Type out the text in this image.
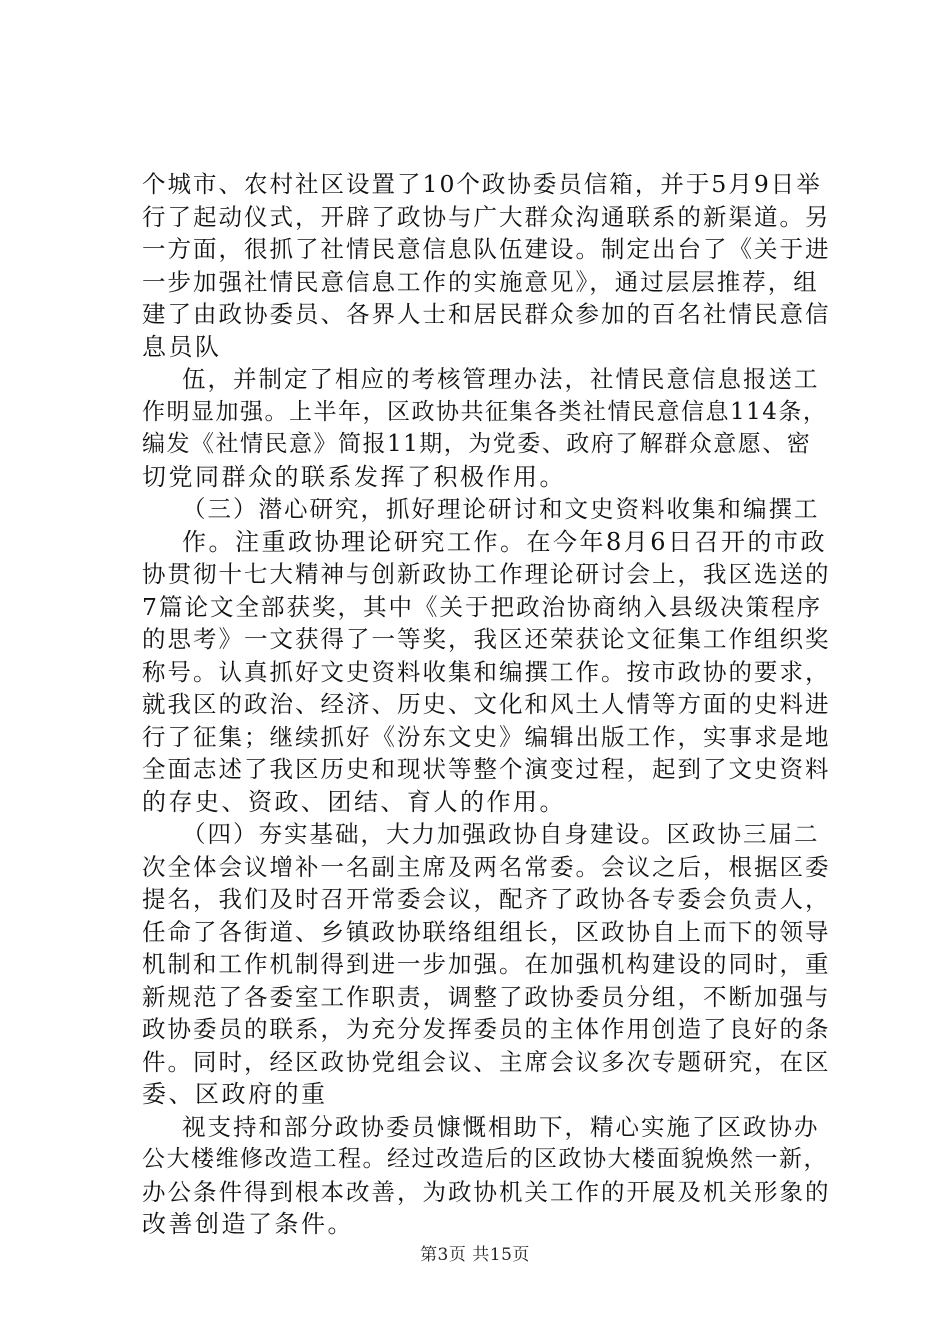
个城市、农村社区设置了10个政协委员信箱，并于5月9日举
行了起动仪式，开辟了政协与广大群众沟通联系的新渠道。另
一方面，很抓了社情民意信息队伍建设。制定出台了《关于进
一步加强社情民意信息工作的实施意见》，通过层层推荐，组
建了由政协委员、各界人士和居民群众参加的百名社情民意信
息员队
伍，并制定了相应的考核管理办法，社情民意信息报送工
作明显加强。上半年，区政协共征集各类社情民意信息114条，
编发《社情民意》简报11期，为党委、政府了解群众意愿、密
切党同群众的联系发挥了积极作用。
（三）潜心研究，抓好理论研讨和文史资料收集和编撰工
作。注重政协理论研究工作。在今年8月6日召开的市政
协贯彻十七大精神与创新政协工作理论研讨会上，我区选送的
7篇论文全部获奖，其中《关于把政治协商纳入县级决策程序
的思考》一文获得了一等奖，我区还荣获论文征集工作组织奖
称号。认真抓好文史资料收集和编撰工作。按市政协的要求，
就我区的政治、经济、历史、文化和风土人情等方面的史料进
行了征集；继续抓好《汾东文史》编辑出版工作，实事求是地
全面志述了我区历史和现状等整个演变过程，起到了文史资料
的存史、资政、团结、育人的作用。
（四）夯实基础，大力加强政协自身建设。区政协三届二
次全体会议增补一名副主席及两名常委。会议之后，根据区委
提名，我们及时召开常委会议，配齐了政协各专委会负责人，
任命了各街道、乡镇政协联络组组长，区政协自上而下的领导
机制和工作机制得到进一步加强。在加强机构建设的同时，重
新规范了各委室工作职责，调整了政协委员分组，不断加强与
政协委员的联系，为充分发挥委员的主体作用创造了良好的条
件。同时，经区政协党组会议、主席会议多次专题研究，在区
委、区政府的重
视支持和部分政协委员慷慨相助下，精心实施了区政协办
公大楼维修改造工程。经过改造后的区政协大楼面貌焕然一新，
办公条件得到根本改善，为政协机关工作的开展及机关形象的
改善创造了条件。
第3页 共15页
